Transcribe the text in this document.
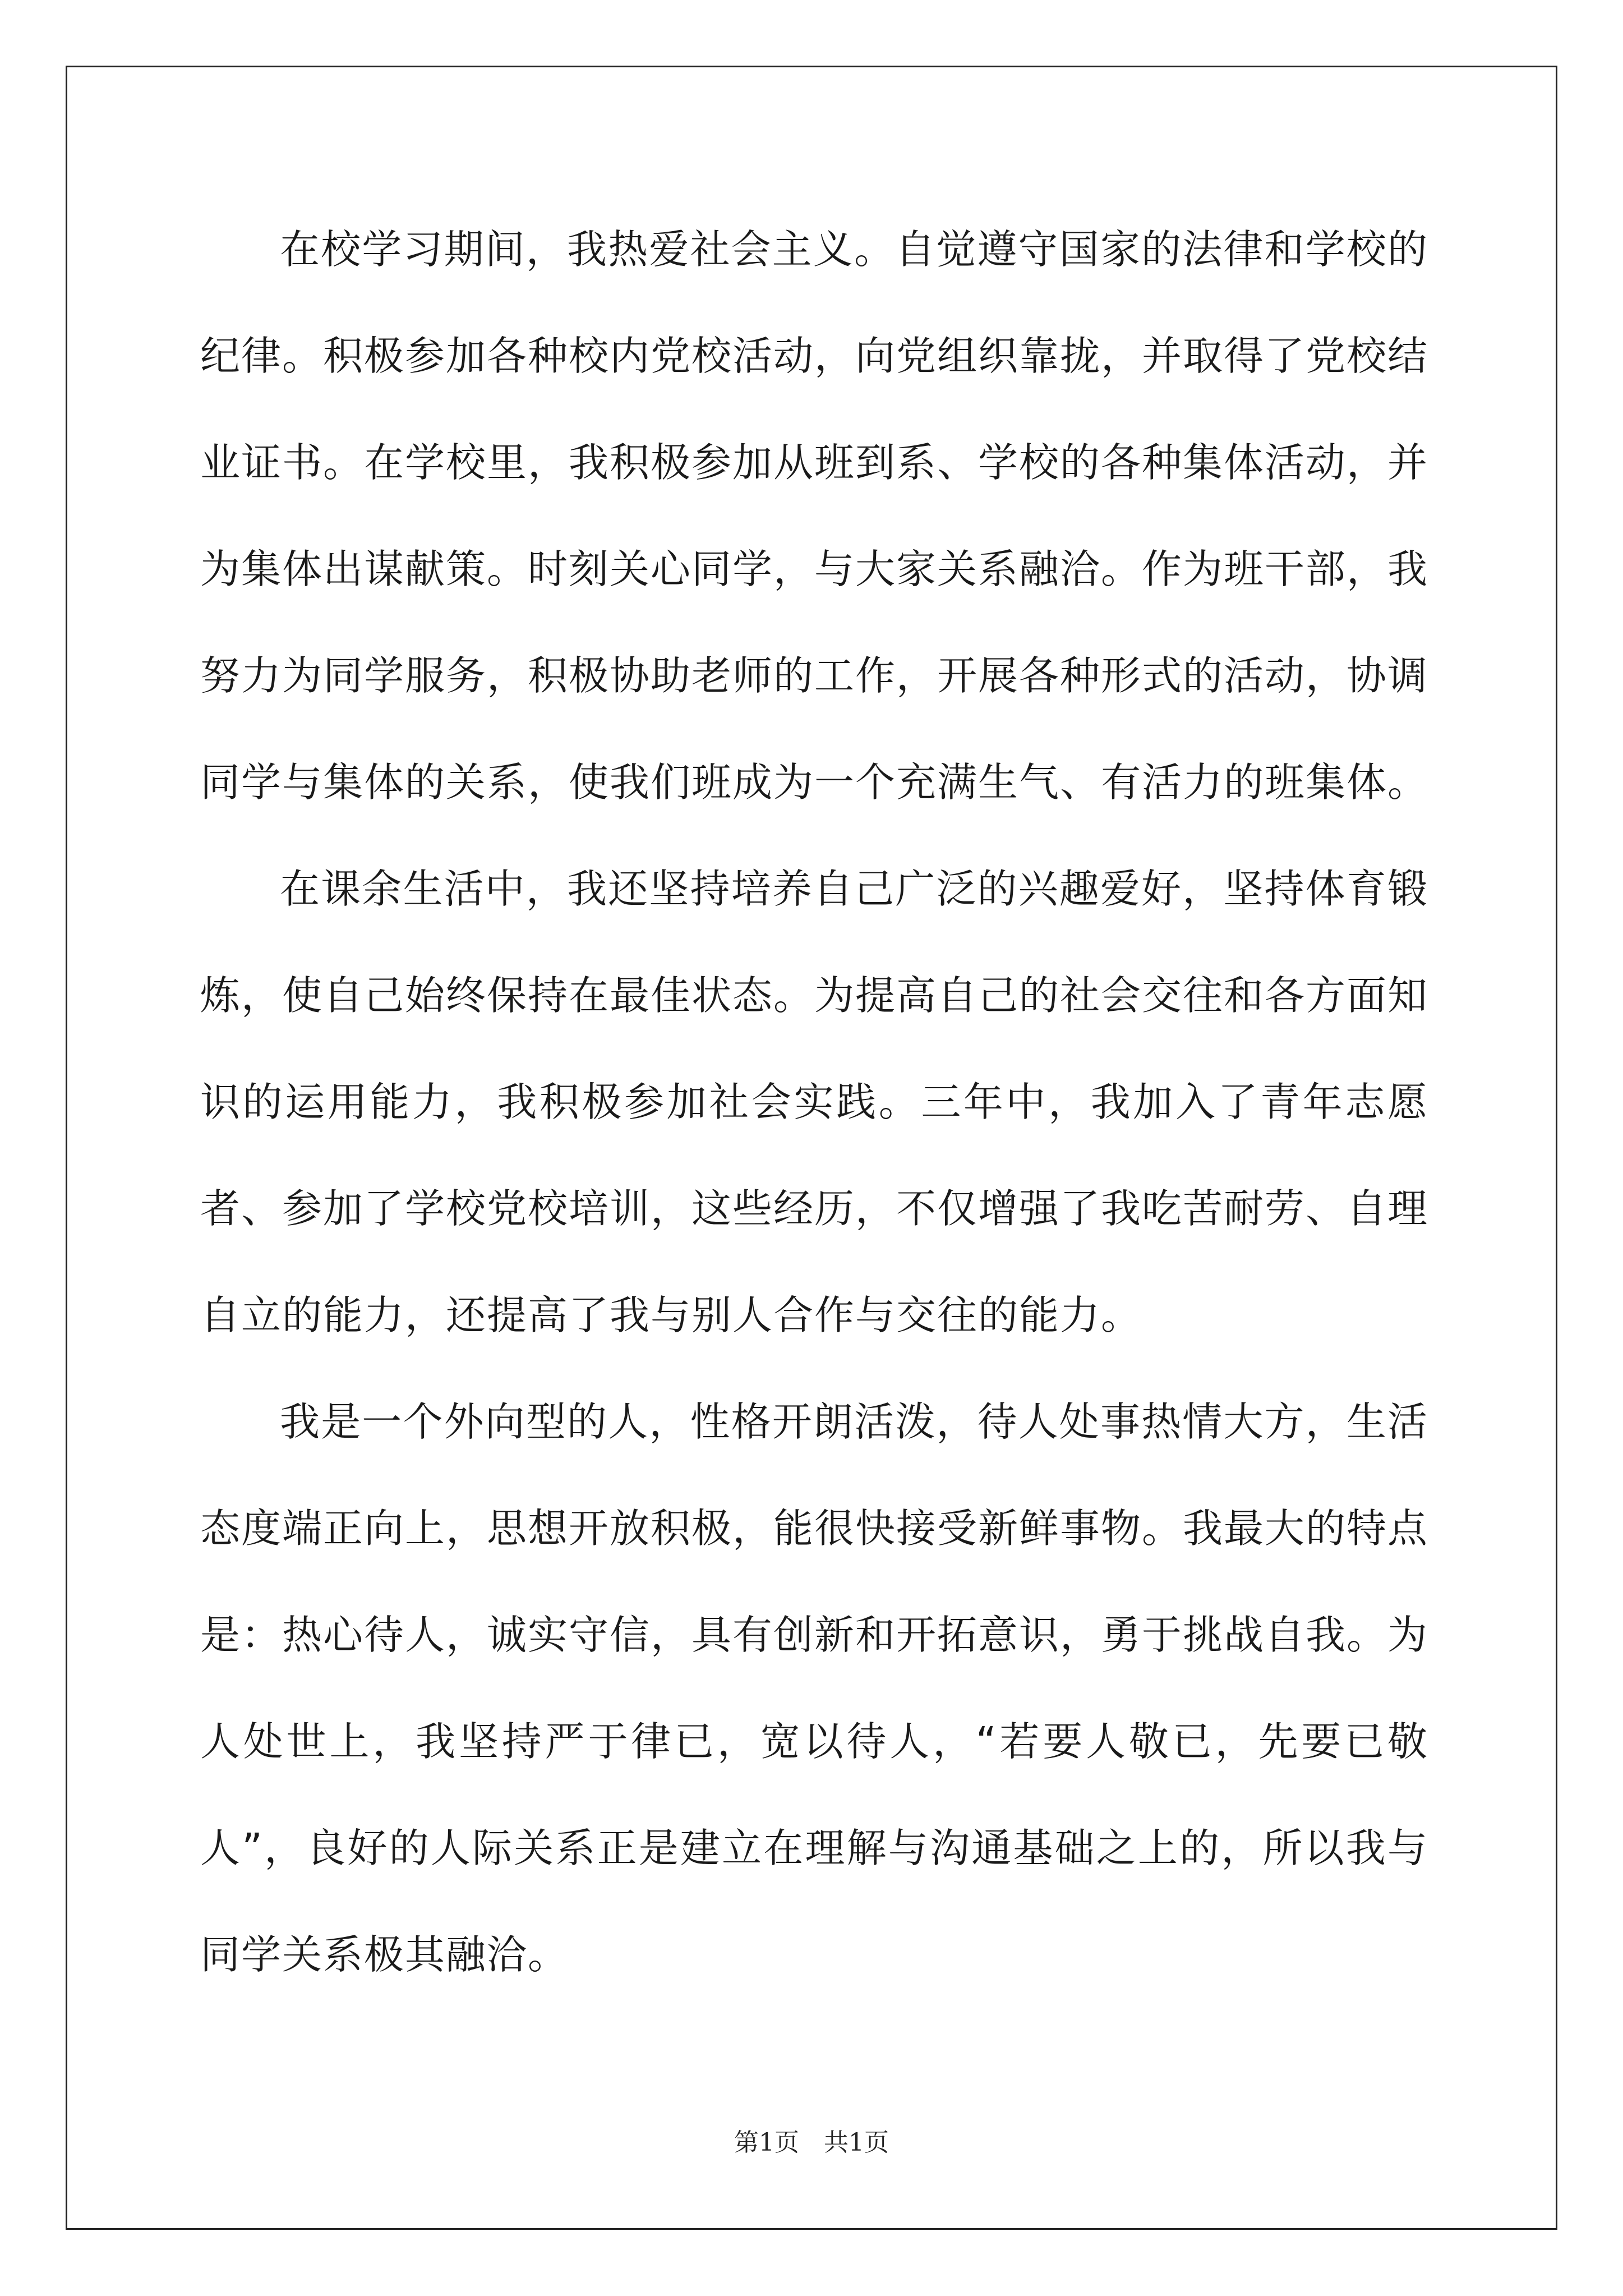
在校学习期间，我热爱社会主义。自觉遵守国家的法律和学校的纪律。积极参加各种校内党校活动，向党组织靠拢，并取得了党校结业证书。在学校里，我积极参加从班到系、学校的各种集体活动，并为集体出谋献策。时刻关心同学，与大家关系融洽。作为班干部，我努力为同学服务，积极协助老师的工作，开展各种形式的活动，协调同学与集体的关系，使我们班成为一个充满生气、有活力的班集体。

在课余生活中，我还坚持培养自己广泛的兴趣爱好，坚持体育锻炼，使自己始终保持在最佳状态。为提高自己的社会交往和各方面知识的运用能力，我积极参加社会实践。三年中，我加入了青年志愿者、参加了学校党校培训，这些经历，不仅增强了我吃苦耐劳、自理自立的能力，还提高了我与别人合作与交往的能力。

我是一个外向型的人，性格开朗活泼，待人处事热情大方，生活态度端正向上，思想开放积极，能很快接受新鲜事物。我最大的特点是：热心待人，诚实守信，具有创新和开拓意识，勇于挑战自我。为人处世上，我坚持严于律已，宽以待人，“若要人敬已，先要已敬人”，良好的人际关系正是建立在理解与沟通基础之上的，所以我与同学关系极其融洽。

第1页 共1页
